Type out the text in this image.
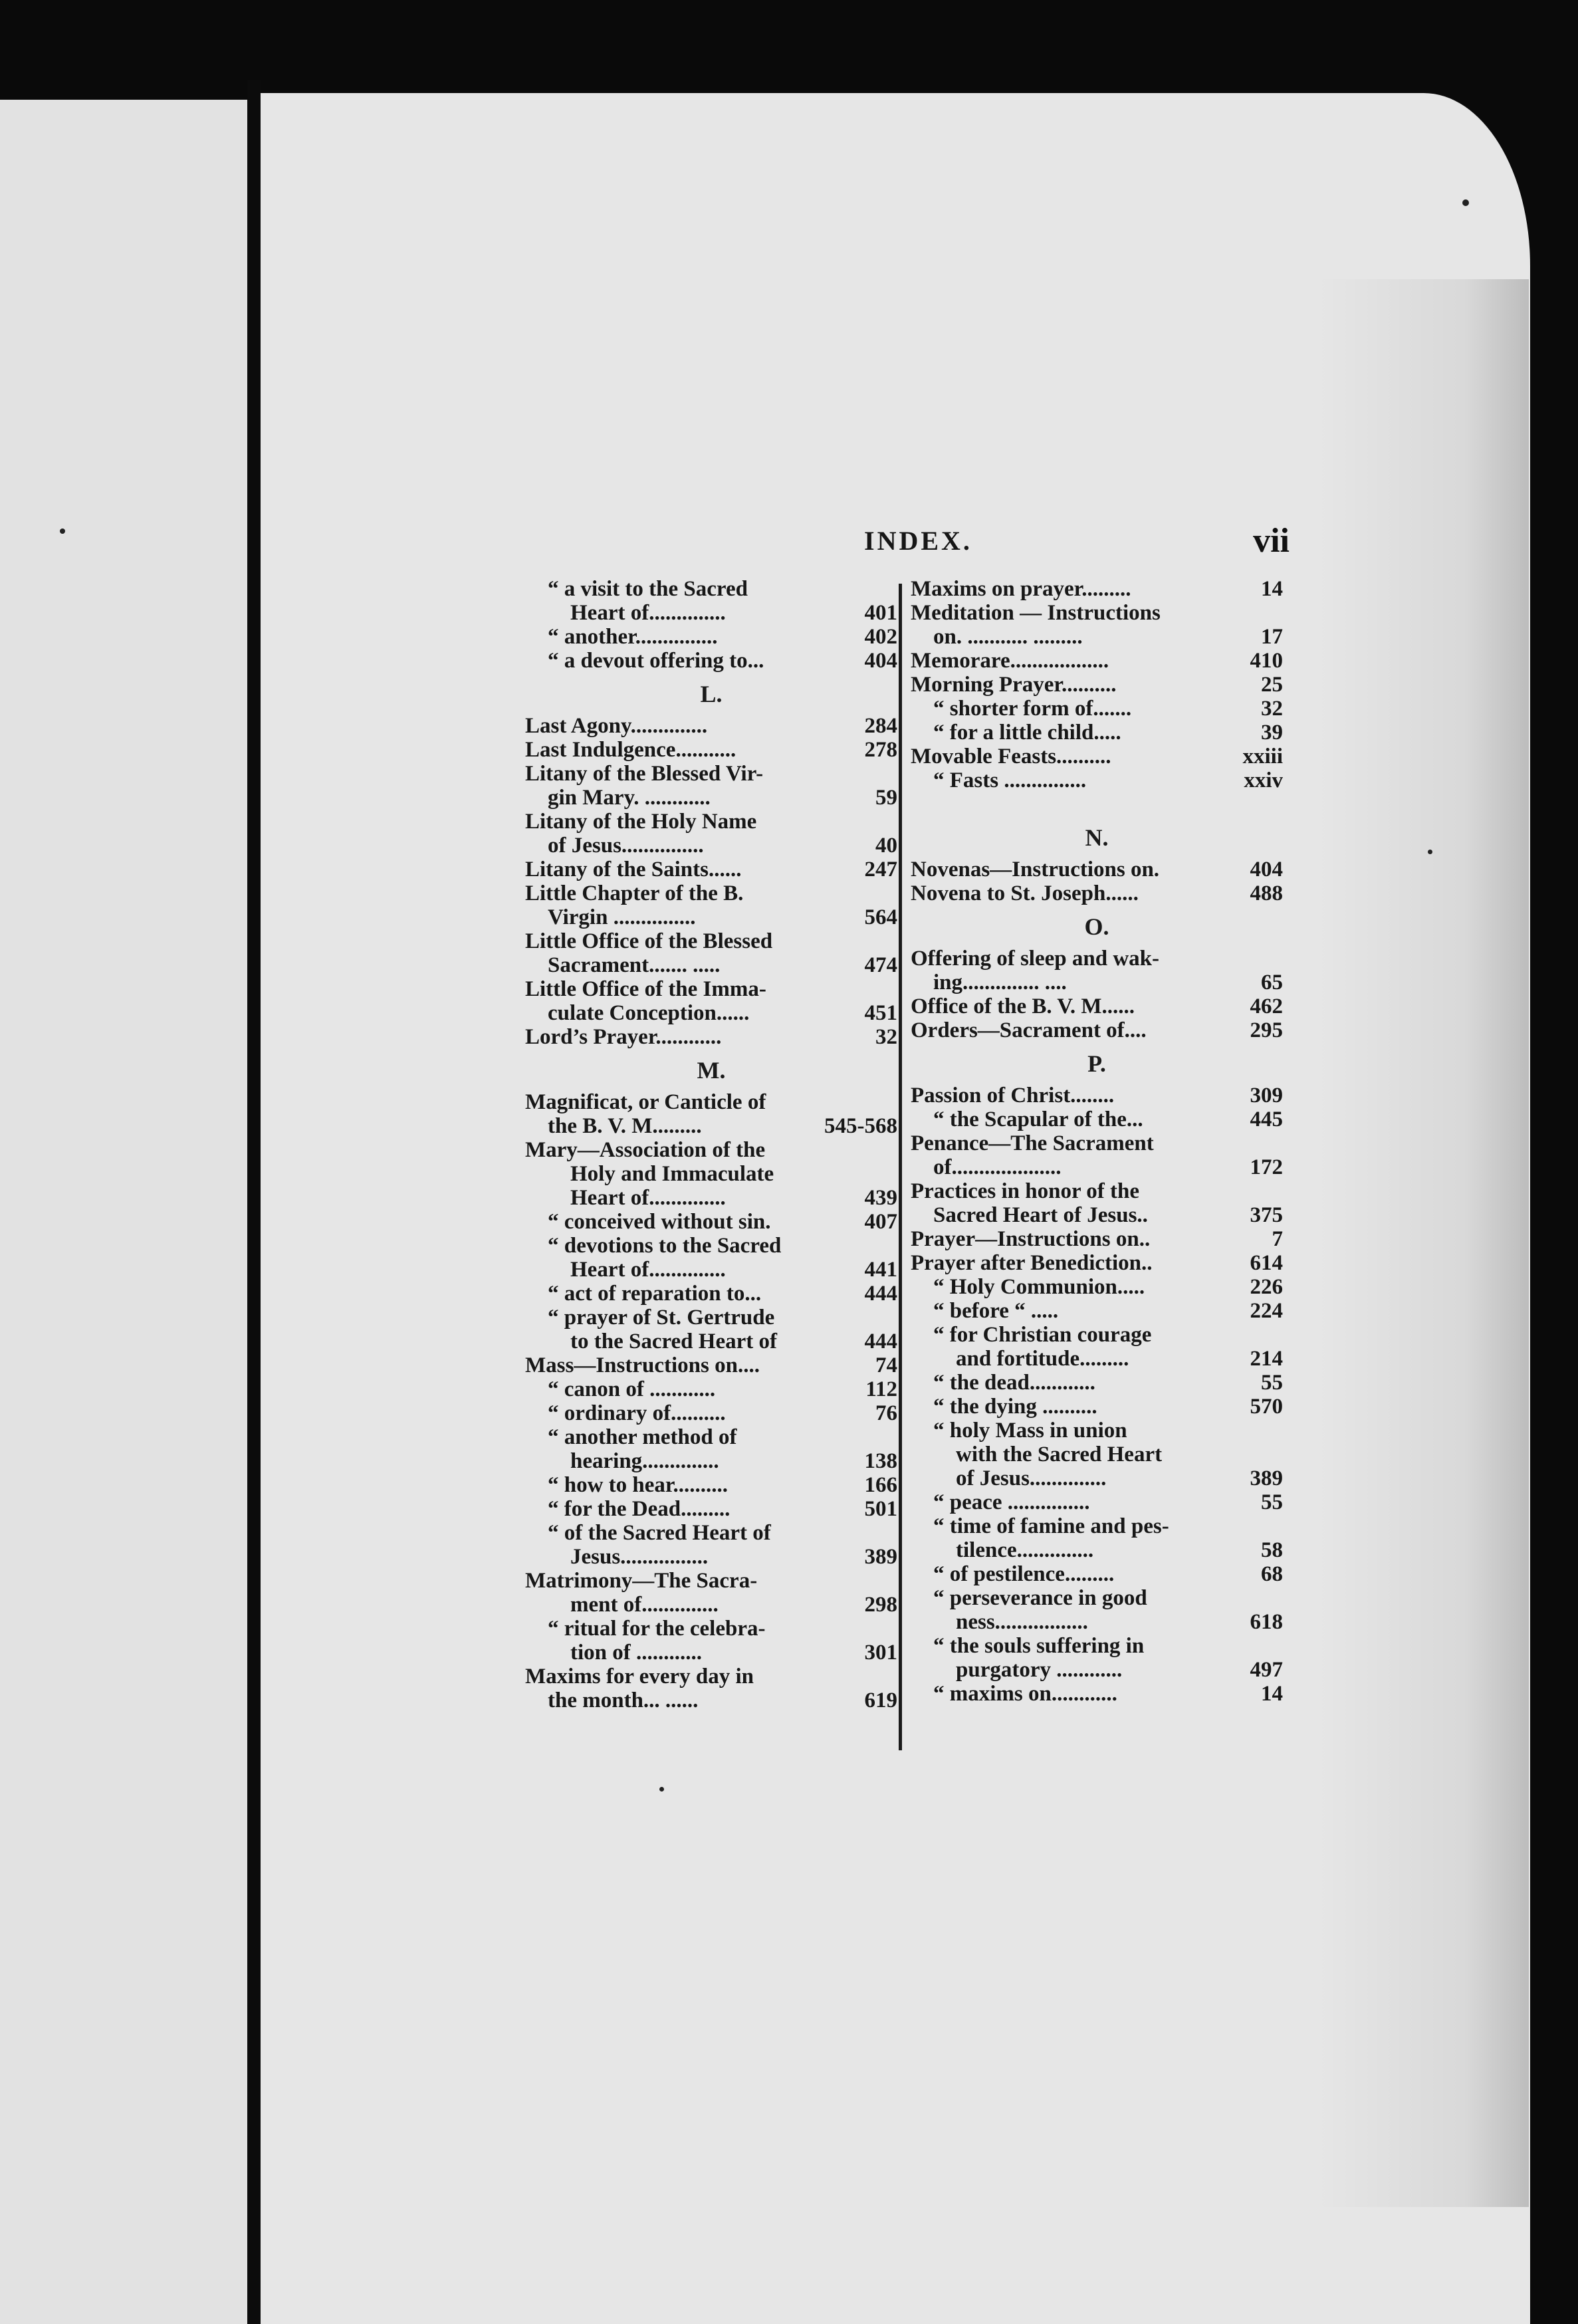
INDEX.	vii
“ a visit to the Sacred
Heart of..............	401
“ another...............	402
“ a devout offering to...	404
L.
Last Agony..............	284
Last Indulgence...........	278
Litany of the Blessed Vir-
gin Mary. ............	59
Litany of the Holy Name
of Jesus...............	40
Litany of the Saints......	247
Little Chapter of the B.
Virgin ...............	564
Little Office of the Blessed
Sacrament....... .....	474
Little Office of the Imma-
culate Conception......	451
Lord’s Prayer............	32
M.
Magnificat, or Canticle of
the B. V. M.........	545-568
Mary—Association of the
Holy and Immaculate
Heart of..............	439
“ conceived without sin.	407
“ devotions to the Sacred
Heart of..............	441
“ act of reparation to...	444
“ prayer of St. Gertrude
to the Sacred Heart of	444
Mass—Instructions on....	74
“ canon of ............	112
“ ordinary of..........	76
“ another method of
hearing..............	138
“ how to hear..........	166
“ for the Dead.........	501
“ of the Sacred Heart of
Jesus................	389
Matrimony—The Sacra-
ment of..............	298
“ ritual for the celebra-
tion of ............	301
Maxims for every day in
the month... ......	619
Maxims on prayer.........	14
Meditation — Instructions
on. ........... .........	17
Memorare..................	410
Morning Prayer..........	25
“ shorter form of.......	32
“ for a little child.....	39
Movable Feasts..........	xxiii
“ Fasts ...............	xxiv
N.
Novenas—Instructions on.	404
Novena to St. Joseph......	488
O.
Offering of sleep and wak-
ing.............. ....	65
Office of the B. V. M......	462
Orders—Sacrament of....	295
P.
Passion of Christ........	309
“ the Scapular of the...	445
Penance—The Sacrament
of....................	172
Practices in honor of the
Sacred Heart of Jesus..	375
Prayer—Instructions on..	7
Prayer after Benediction..	614
“ Holy Communion.....	226
“ before “ .....	224
“ for Christian courage
and fortitude.........	214
“ the dead............	55
“ the dying ..........	570
“ holy Mass in union
with the Sacred Heart
of Jesus..............	389
“ peace ...............	55
“ time of famine and pes-
tilence..............	58
“ of pestilence.........	68
“ perseverance in good
ness.................	618
“ the souls suffering in
purgatory ............	497
“ maxims on............	14
